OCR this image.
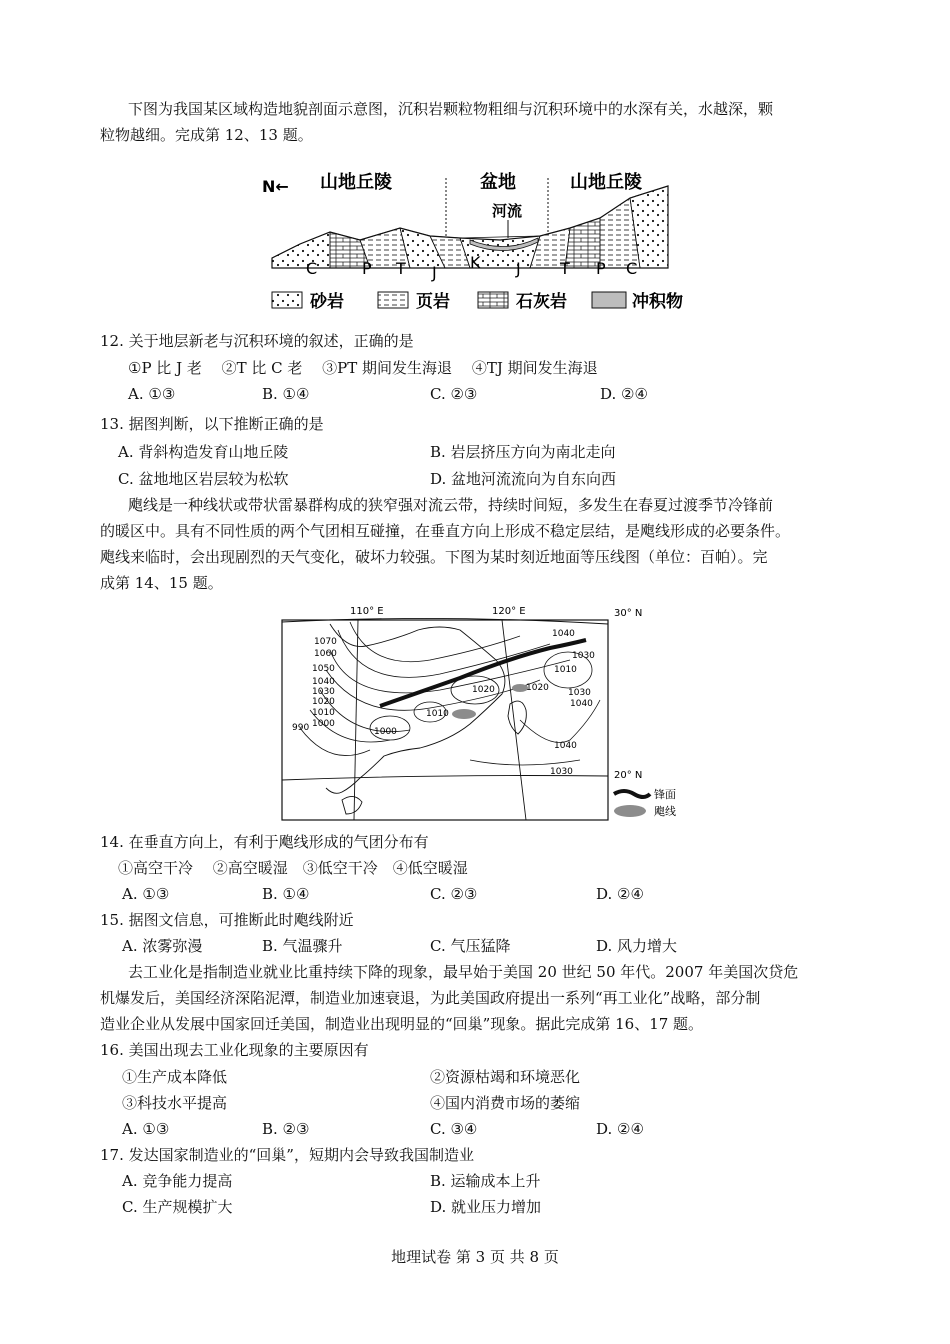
下图为我国某区域构造地貌剖面示意图，沉积岩颗粒物粗细与沉积环境中的水深有关，水越深，颗
粒物越细。完成第 12、13 题。
N← 山地丘陵	盆地	山地丘陵
河流
C	P T J
K J T P C
砂岩	页岩	石灰岩	冲积物
12. 关于地层新老与沉积环境的叙述，正确的是
①P 比 J 老　 ②T 比 C 老　 ③PT 期间发生海退　 ④TJ 期间发生海退
A. ①③	B. ①④	C. ②③	D. ②④
13. 据图判断，以下推断正确的是
A. 背斜构造发育山地丘陵	B. 岩层挤压方向为南北走向
C. 盆地地区岩层较为松软	D. 盆地河流流向为自东向西
飑线是一种线状或带状雷暴群构成的狭窄强对流云带，持续时间短，多发生在春夏过渡季节冷锋前
的暖区中。具有不同性质的两个气团相互碰撞，在垂直方向上形成不稳定层结，是飑线形成的必要条件。
飑线来临时，会出现剧烈的天气变化，破坏力较强。下图为某时刻近地面等压线图（单位：百帕）。完
成第 14、15 题。
110° E	120° E	30° N
20° N
1070
1060
1050
1040
1030
1020
1010
1000
990	1000
1010
1020	1020
1040
1030
1010
1030
1040
1040
1030
锋面
飑线
14. 在垂直方向上，有利于飑线形成的气团分布有
①高空干冷　 ②高空暖湿　③低空干冷　④低空暖湿
A. ①③	B. ①④	C. ②③	D. ②④
15. 据图文信息，可推断此时飑线附近
A. 浓雾弥漫	B. 气温骤升	C. 气压猛降	D. 风力增大
去工业化是指制造业就业比重持续下降的现象，最早始于美国 20 世纪 50 年代。2007 年美国次贷危
机爆发后，美国经济深陷泥潭，制造业加速衰退，为此美国政府提出一系列“再工业化”战略，部分制
造业企业从发展中国家回迁美国，制造业出现明显的“回巢”现象。据此完成第 16、17 题。
16. 美国出现去工业化现象的主要原因有
①生产成本降低	②资源枯竭和环境恶化
③科技水平提高	④国内消费市场的萎缩
A. ①③	B. ②③	C. ③④	D. ②④
17. 发达国家制造业的“回巢”，短期内会导致我国制造业
A. 竞争能力提高	B. 运输成本上升
C. 生产规模扩大	D. 就业压力增加
地理试卷 第 3 页 共 8 页
